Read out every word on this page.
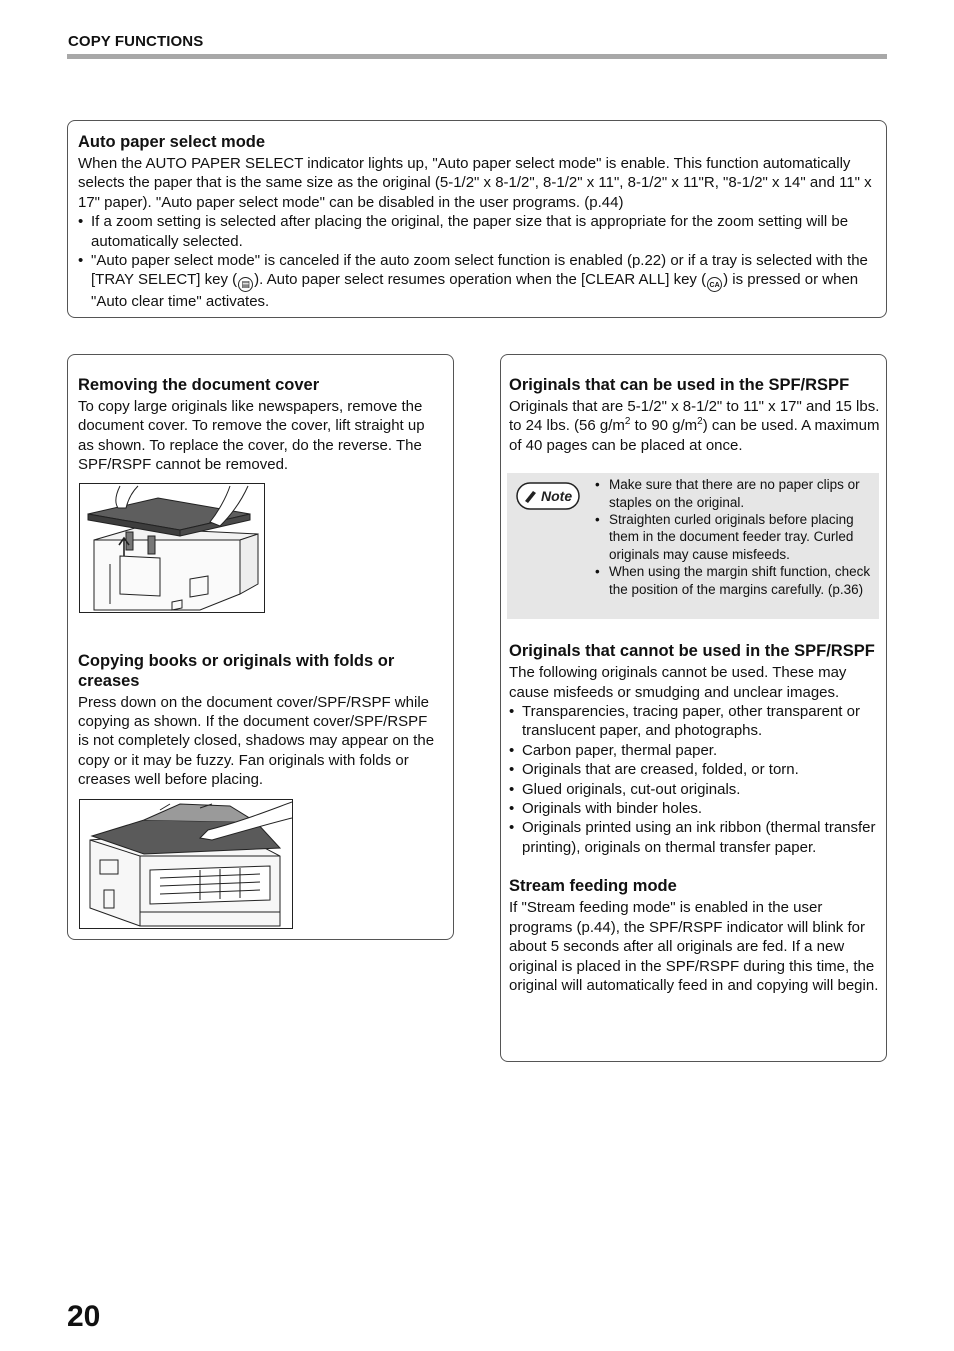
COPY FUNCTIONS
Auto paper select mode

When the AUTO PAPER SELECT indicator lights up, "Auto paper select mode" is enable. This function automatically selects the paper that is the same size as the original (5-1/2" x 8-1/2", 8-1/2" x 11", 8-1/2" x 11"R, "8-1/2" x 14" and 11" x 17" paper). "Auto paper select mode" can be disabled in the user programs. (p.44)

• If a zoom setting is selected after placing the original, the paper size that is appropriate for the zoom setting will be automatically selected.
• "Auto paper select mode" is canceled if the auto zoom select function is enabled (p.22) or if a tray is selected with the [TRAY SELECT] key ( ▤ ). Auto paper select resumes operation when the [CLEAR ALL] key ( CA ) is pressed or when "Auto clear time" activates.
Removing the document cover

To copy large originals like newspapers, remove the document cover. To remove the cover, lift straight up as shown. To replace the cover, do the reverse. The SPF/RSPF cannot be removed.

Copying books or originals with folds or creases

Press down on the document cover/SPF/RSPF while copying as shown. If the document cover/SPF/RSPF is not completely closed, shadows may appear on the copy or it may be fuzzy. Fan originals with folds or creases well before placing.

Originals that can be used in the SPF/RSPF

Originals that are 5-1/2" x 8-1/2" to 11" x 17" and 15 lbs. to 24 lbs. (56 $g/m^2$ to 90 $g/m^2$) can be used. A maximum of 40 pages can be placed at once.

Note
• Make sure that there are no paper clips or staples on the original.
• Straighten curled originals before placing them in the document feeder tray. Curled originals may cause misfeeds.
• When using the margin shift function, check the position of the margins carefully. (p.36)
Originals that cannot be used in the SPF/RSPF

The following originals cannot be used. These may cause misfeeds or smudging and unclear images.

• Transparencies, tracing paper, other transparent or translucent paper, and photographs.
• Carbon paper, thermal paper.
• Originals that are creased, folded, or torn.
• Glued originals, cut-out originals.
• Originals with binder holes.
• Originals printed using an ink ribbon (thermal transfer printing), originals on thermal transfer paper.
Stream feeding mode

If "Stream feeding mode" is enabled in the user programs (p.44), the SPF/RSPF indicator will blink for about 5 seconds after all originals are fed. If a new original is placed in the SPF/RSPF during this time, the original will automatically feed in and copying will begin.

20
